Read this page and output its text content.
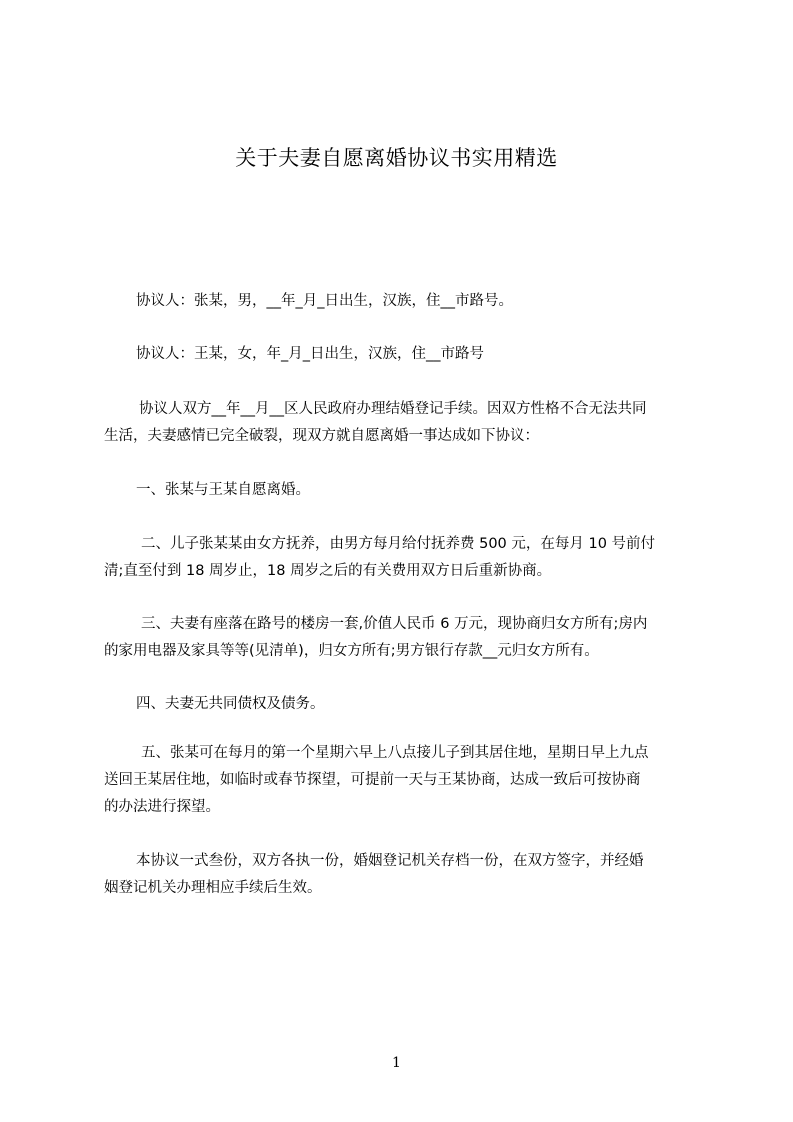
关于夫妻自愿离婚协议书实用精选

协议人：张某，男，__年_月_日出生，汉族，住__市路号。

协议人：王某，女，年_月_日出生，汉族，住__市路号

协议人双方__年__月__区人民政府办理结婚登记手续。因双方性格不合无法共同
生活，夫妻感情已完全破裂，现双方就自愿离婚一事达成如下协议：

一、张某与王某自愿离婚。

二、儿子张某某由女方抚养，由男方每月给付抚养费 500 元，在每月 10 号前付
清;直至付到 18 周岁止，18 周岁之后的有关费用双方日后重新协商。

三、夫妻有座落在路号的楼房一套,价值人民币 6 万元，现协商归女方所有;房内
的家用电器及家具等等(见清单)，归女方所有;男方银行存款__元归女方所有。

四、夫妻无共同债权及债务。

五、张某可在每月的第一个星期六早上八点接儿子到其居住地，星期日早上九点
送回王某居住地，如临时或春节探望，可提前一天与王某协商，达成一致后可按协商
的办法进行探望。

本协议一式叁份，双方各执一份，婚姻登记机关存档一份，在双方签字，并经婚
姻登记机关办理相应手续后生效。

1
